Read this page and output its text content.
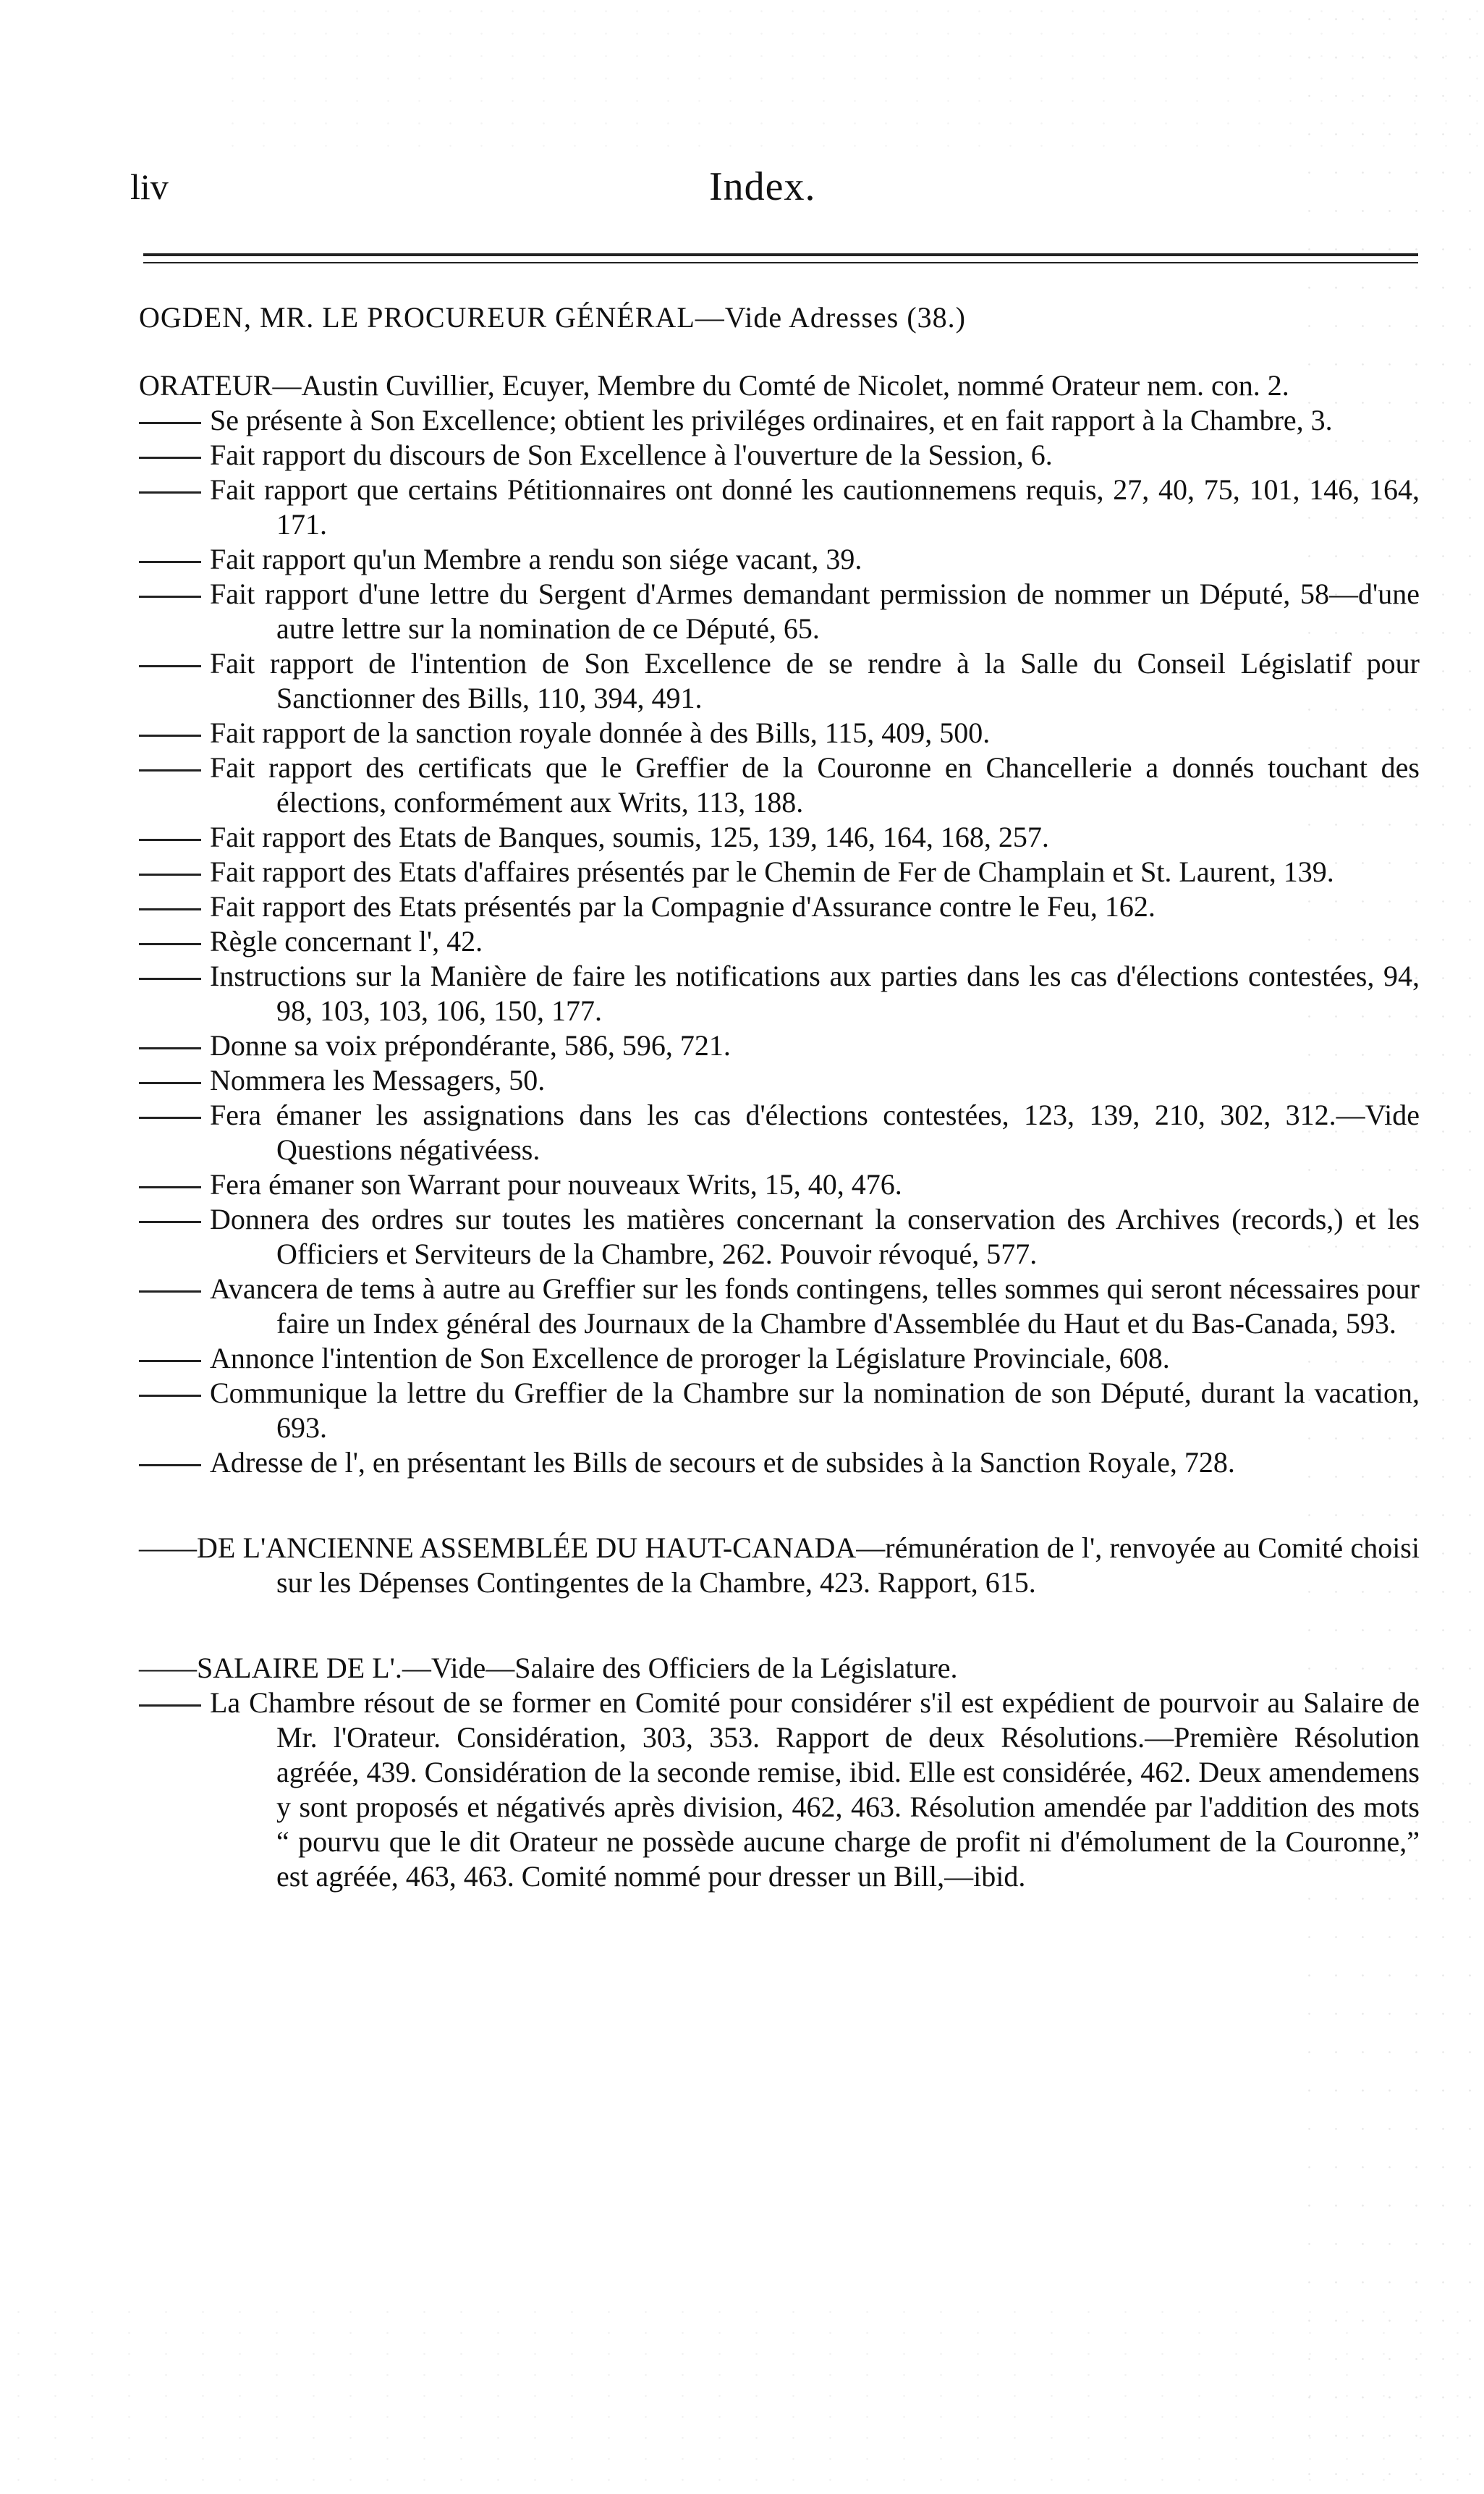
liv	Index.

OGDEN, MR. LE PROCUREUR GÉNÉRAL—Vide Adresses (38.)

ORATEUR—Austin Cuvillier, Ecuyer, Membre du Comté de Nicolet, nommé Orateur nem. con. 2.

Se présente à Son Excellence; obtient les priviléges ordinaires, et en fait rapport à la Chambre, 3.

Fait rapport du discours de Son Excellence à l'ouverture de la Session, 6.

Fait rapport que certains Pétitionnaires ont donné les cautionnemens requis, 27, 40, 75, 101, 146, 164, 171.

Fait rapport qu'un Membre a rendu son siége vacant, 39.

Fait rapport d'une lettre du Sergent d'Armes demandant permission de nommer un Député, 58—d'une autre lettre sur la nomination de ce Député, 65.

Fait rapport de l'intention de Son Excellence de se rendre à la Salle du Conseil Législatif pour Sanctionner des Bills, 110, 394, 491.

Fait rapport de la sanction royale donnée à des Bills, 115, 409, 500.

Fait rapport des certificats que le Greffier de la Couronne en Chancellerie a donnés touchant des élections, conformément aux Writs, 113, 188.

Fait rapport des Etats de Banques, soumis, 125, 139, 146, 164, 168, 257.

Fait rapport des Etats d'affaires présentés par le Chemin de Fer de Champlain et St. Laurent, 139.

Fait rapport des Etats présentés par la Compagnie d'Assurance contre le Feu, 162.

Règle concernant l', 42.

Instructions sur la Manière de faire les notifications aux parties dans les cas d'élections contestées, 94, 98, 103, 103, 106, 150, 177.

Donne sa voix prépondérante, 586, 596, 721.

Nommera les Messagers, 50.

Fera émaner les assignations dans les cas d'élections contestées, 123, 139, 210, 302, 312.—Vide Questions négativéess.

Fera émaner son Warrant pour nouveaux Writs, 15, 40, 476.

Donnera des ordres sur toutes les matières concernant la conservation des Archives (records,) et les Officiers et Serviteurs de la Chambre, 262. Pouvoir révoqué, 577.

Avancera de tems à autre au Greffier sur les fonds contingens, telles sommes qui seront nécessaires pour faire un Index général des Journaux de la Chambre d'Assemblée du Haut et du Bas-Canada, 593.

Annonce l'intention de Son Excellence de proroger la Législature Provinciale, 608.

Communique la lettre du Greffier de la Chambre sur la nomination de son Député, durant la vacation, 693.

Adresse de l', en présentant les Bills de secours et de subsides à la Sanction Royale, 728.

——DE L'ANCIENNE ASSEMBLÉE DU HAUT-CANADA—rémunération de l', renvoyée au Comité choisi sur les Dépenses Contingentes de la Chambre, 423. Rapport, 615.

——SALAIRE DE L'.—Vide—Salaire des Officiers de la Législature.

La Chambre résout de se former en Comité pour considérer s'il est expédient de pourvoir au Salaire de Mr. l'Orateur. Considération, 303, 353. Rapport de deux Résolutions.—Première Résolution agréée, 439. Considération de la seconde remise, ibid. Elle est considérée, 462. Deux amendemens y sont proposés et négativés après division, 462, 463. Résolution amendée par l'addition des mots “ pourvu que le dit Orateur ne possède aucune charge de profit ni d'émolument de la Couronne,” est agréée, 463, 463. Comité nommé pour dresser un Bill,—ibid.
